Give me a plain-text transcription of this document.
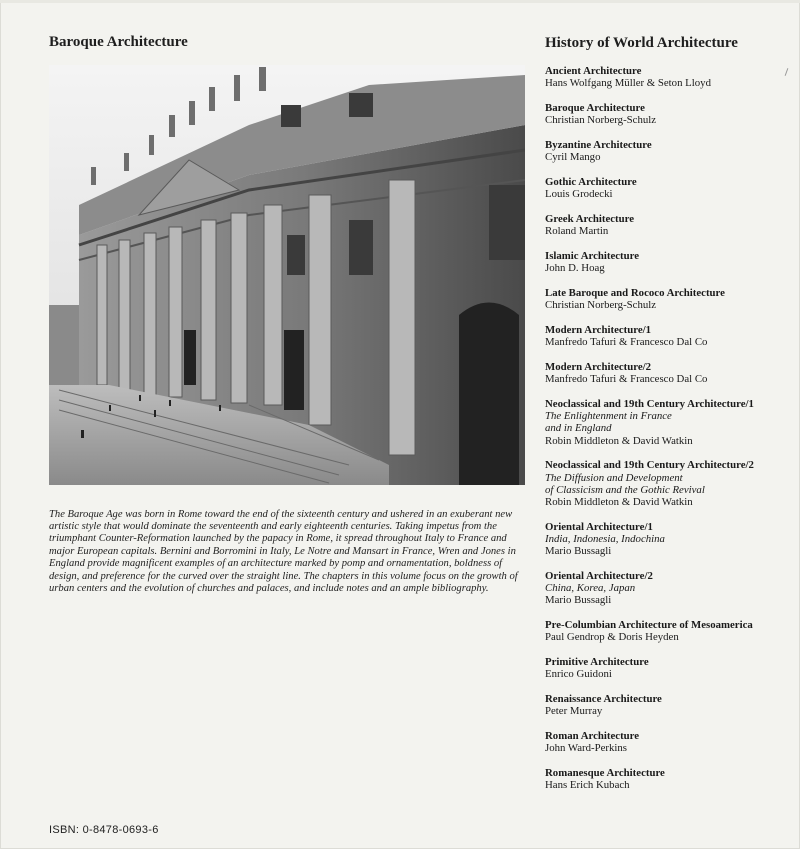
Baroque Architecture	History of World Architecture

The Baroque Age was born in Rome toward the end of the sixteenth century and ushered in an exuberant new artistic style that would dominate the seventeenth and early eighteenth centuries. Taking impetus from the triumphant Counter-Reformation launched by the papacy in Rome, it spread throughout Italy to France and major European capitals. Bernini and Borromini in Italy, Le Notre and Mansart in France, Wren and Jones in England provide magnificent examples of an architecture marked by pomp and ornamentation, boldness of design, and preference for the curved over the straight line. The chapters in this volume focus on the growth of urban centers and the evolution of churches and palaces, and include notes and an ample bibliography.

Ancient Architecture
Hans Wolfgang Müller & Seton Lloyd
Baroque Architecture
Christian Norberg-Schulz
Byzantine Architecture
Cyril Mango
Gothic Architecture
Louis Grodecki
Greek Architecture
Roland Martin
Islamic Architecture
John D. Hoag
Late Baroque and Rococo Architecture
Christian Norberg-Schulz
Modern Architecture/1
Manfredo Tafuri & Francesco Dal Co
Modern Architecture/2
Manfredo Tafuri & Francesco Dal Co
Neoclassical and 19th Century Architecture/1
The Enlightenment in France
and in England
Robin Middleton & David Watkin
Neoclassical and 19th Century Architecture/2
The Diffusion and Development
of Classicism and the Gothic Revival
Robin Middleton & David Watkin
Oriental Architecture/1
India, Indonesia, Indochina
Mario Bussagli
Oriental Architecture/2
China, Korea, Japan
Mario Bussagli
Pre-Columbian Architecture of Mesoamerica
Paul Gendrop & Doris Heyden
Primitive Architecture
Enrico Guidoni
Renaissance Architecture
Peter Murray
Roman Architecture
John Ward-Perkins
Romanesque Architecture
Hans Erich Kubach
ISBN: 0-8478-0693-6
